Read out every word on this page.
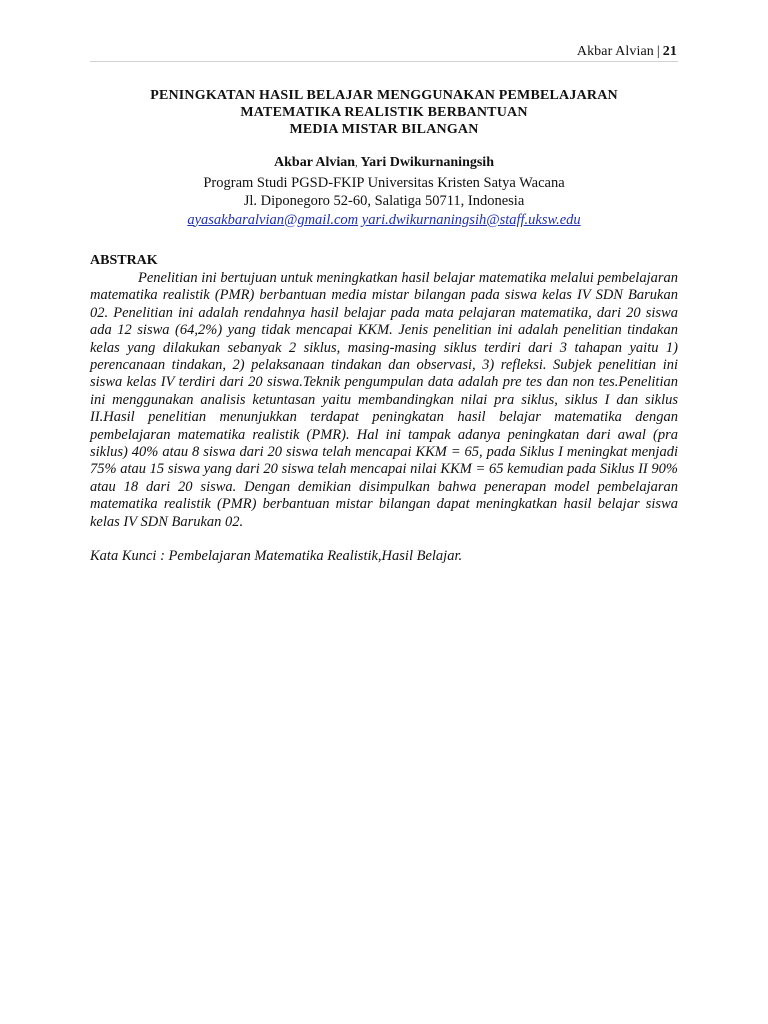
Akbar Alvian | 21
PENINGKATAN HASIL BELAJAR MENGGUNAKAN PEMBELAJARAN
MATEMATIKA REALISTIK BERBANTUAN
MEDIA MISTAR BILANGAN
Akbar Alvian, Yari Dwikurnaningsih
Program Studi PGSD-FKIP Universitas Kristen Satya Wacana
Jl. Diponegoro 52-60, Salatiga 50711, Indonesia
ayasakbaralvian@gmail.com yari.dwikurnaningsih@staff.uksw.edu

ABSTRAK

Penelitian ini bertujuan untuk meningkatkan hasil belajar matematika melalui pembelajaran matematika realistik (PMR) berbantuan media mistar bilangan pada siswa kelas IV SDN Barukan 02. Penelitian ini adalah rendahnya hasil belajar pada mata pelajaran matematika, dari 20 siswa ada 12 siswa (64,2%) yang tidak mencapai KKM. Jenis penelitian ini adalah penelitian tindakan kelas yang dilakukan sebanyak 2 siklus, masing-masing siklus terdiri dari 3 tahapan yaitu 1) perencanaan tindakan, 2) pelaksanaan tindakan dan observasi, 3) refleksi. Subjek penelitian ini siswa kelas IV terdiri dari 20 siswa.Teknik pengumpulan data adalah pre tes dan non tes.Penelitian ini menggunakan analisis ketuntasan yaitu membandingkan nilai pra siklus, siklus I dan siklus II.Hasil penelitian menunjukkan terdapat peningkatan hasil belajar matematika dengan pembelajaran matematika realistik (PMR). Hal ini tampak adanya peningkatan dari awal (pra siklus) 40% atau 8 siswa dari 20 siswa telah mencapai KKM = 65, pada Siklus I meningkat menjadi 75% atau 15 siswa yang dari 20 siswa telah mencapai nilai KKM = 65 kemudian pada Siklus II 90% atau 18 dari 20 siswa. Dengan demikian disimpulkan bahwa penerapan model pembelajaran matematika realistik (PMR) berbantuan mistar bilangan dapat meningkatkan hasil belajar siswa kelas IV SDN Barukan 02.

Kata Kunci : Pembelajaran Matematika Realistik,Hasil Belajar.
